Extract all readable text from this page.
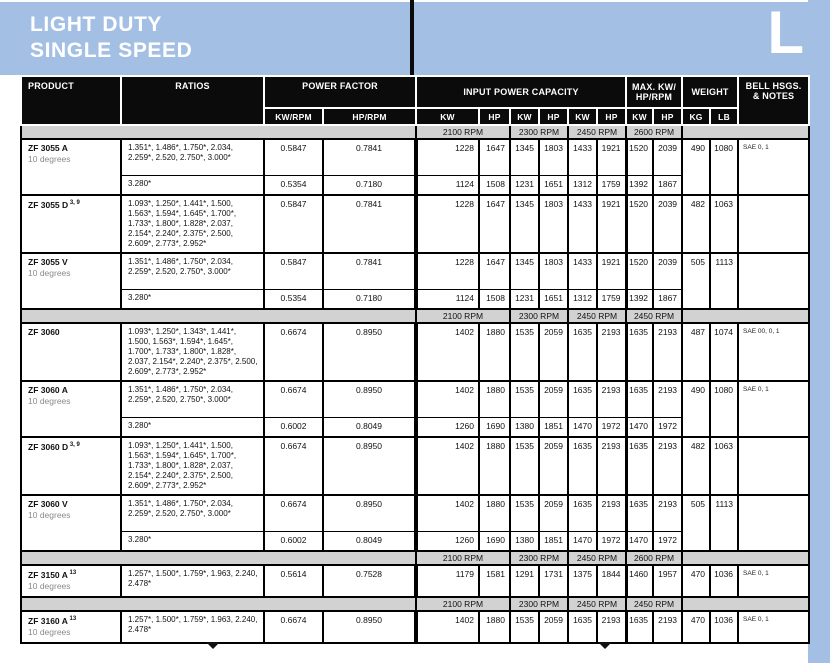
LIGHT DUTY
SINGLE SPEED	L
PRODUCT	RATIOS	POWER FACTOR		INPUT POWER CAPACITY						MAX. KW/ HP/RPM		WEIGHT		BELL HSGS. & NOTES
		KW/RPM	HP/RPM	KW	HP	KW	HP	KW	HP	KW	HP	KG	LB	
				2100 RPM		2300 RPM		2450 RPM		2600 RPM				

ZF 3055 A
10 degrees	1.351*, 1.486*, 1.750*, 2.034, 2.259*, 2.520, 2.750*, 3.000*	0.5847	0.7841	1228	1647	1345	1803	1433	1921	1520	2039	490	1080	SAE 0, 1
	3.280*	0.5354	0.7180	1124	1508	1231	1651	1312	1759	1392	1867			

ZF 3055 D $^{3, 9}$	1.093*, 1.250*, 1.441*, 1.500, 1.563*, 1.594*, 1.645*, 1.700*, 1.733*, 1.800*, 1.828*, 2.037, 2.154*, 2.240*, 2.375*, 2.500, 2.609*, 2.773*, 2.952*	0.5847	0.7841	1228	1647	1345	1803	1433	1921	1520	2039	482	1063	

ZF 3055 V
10 degrees	1.351*, 1.486*, 1.750*, 2.034, 2.259*, 2.520, 2.750*, 3.000*	0.5847	0.7841	1228	1647	1345	1803	1433	1921	1520	2039	505	1113	
	3.280*	0.5354	0.7180	1124	1508	1231	1651	1312	1759	1392	1867			
				2100 RPM		2300 RPM		2450 RPM		2450 RPM				

ZF 3060	1.093*, 1.250*, 1.343*, 1.441*, 1.500, 1.563*, 1.594*, 1.645*, 1.700*, 1.733*, 1.800*, 1.828*, 2.037, 2.154*, 2.240*, 2.375*, 2.500, 2.609*, 2.773*, 2.952*	0.6674	0.8950	1402	1880	1535	2059	1635	2193	1635	2193	487	1074	SAE 00, 0, 1

ZF 3060 A
10 degrees	1.351*, 1.486*, 1.750*, 2.034, 2.259*, 2.520, 2.750*, 3.000*	0.6674	0.8950	1402	1880	1535	2059	1635	2193	1635	2193	490	1080	SAE 0, 1
	3.280*	0.6002	0.8049	1260	1690	1380	1851	1470	1972	1470	1972			

ZF 3060 D $^{3, 9}$	1.093*, 1.250*, 1.441*, 1.500, 1.563*, 1.594*, 1.645*, 1.700*, 1.733*, 1.800*, 1.828*, 2.037, 2.154*, 2.240*, 2.375*, 2.500, 2.609*, 2.773*, 2.952*	0.6674	0.8950	1402	1880	1535	2059	1635	2193	1635	2193	482	1063	

ZF 3060 V
10 degrees	1.351*, 1.486*, 1.750*, 2.034, 2.259*, 2.520, 2.750*, 3.000*	0.6674	0.8950	1402	1880	1535	2059	1635	2193	1635	2193	505	1113	
	3.280*	0.6002	0.8049	1260	1690	1380	1851	1470	1972	1470	1972			
				2100 RPM		2300 RPM		2450 RPM		2600 RPM				

ZF 3150 A $^{13}$
10 degrees	1.257*, 1.500*, 1.759*, 1.963, 2.240, 2.478*	0.5614	0.7528	1179	1581	1291	1731	1375	1844	1460	1957	470	1036	SAE 0, 1
				2100 RPM		2300 RPM		2450 RPM		2450 RPM				

ZF 3160 A $^{13}$
10 degrees	1.257*, 1.500*, 1.759*, 1.963, 2.240, 2.478*	0.6674	0.8950	1402	1880	1535	2059	1635	2193	1635	2193	470	1036	SAE 0, 1
